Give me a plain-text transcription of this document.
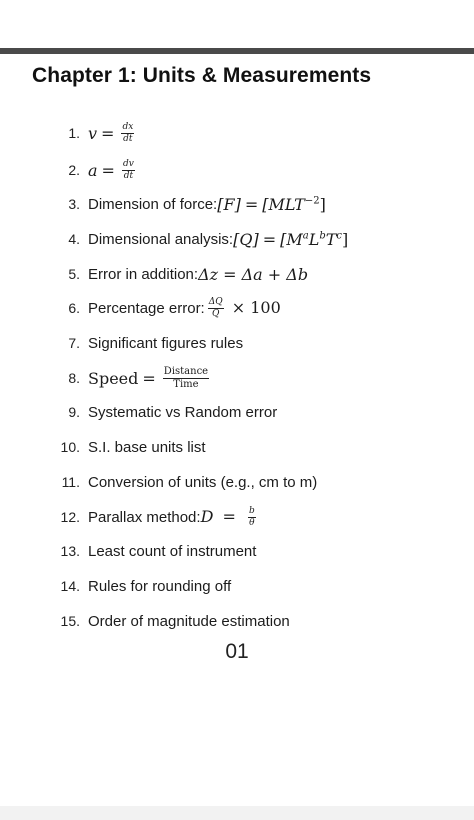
Chapter 1: Units & Measurements
1. $v = \frac{dx}{dt}$
2. $a = \frac{dv}{dt}$
3. Dimension of force: $[F] = [MLT^{-2}]$
4. Dimensional analysis: $[Q] = [M^aL^bT^c]$
5. Error in addition: Δz = Δa + Δb
6. Percentage error: $\frac{\Delta Q}{Q} \times 100$
7. Significant figures rules
8. Speed = $\frac{\text{Distance}}{\text{Time}}$
9. Systematic vs Random error
10. S.I. base units list
11. Conversion of units (e.g., cm to m)
12. Parallax method: $D = \frac{b}{\theta}$
13. Least count of instrument
14. Rules for rounding off
15. Order of magnitude estimation
01
